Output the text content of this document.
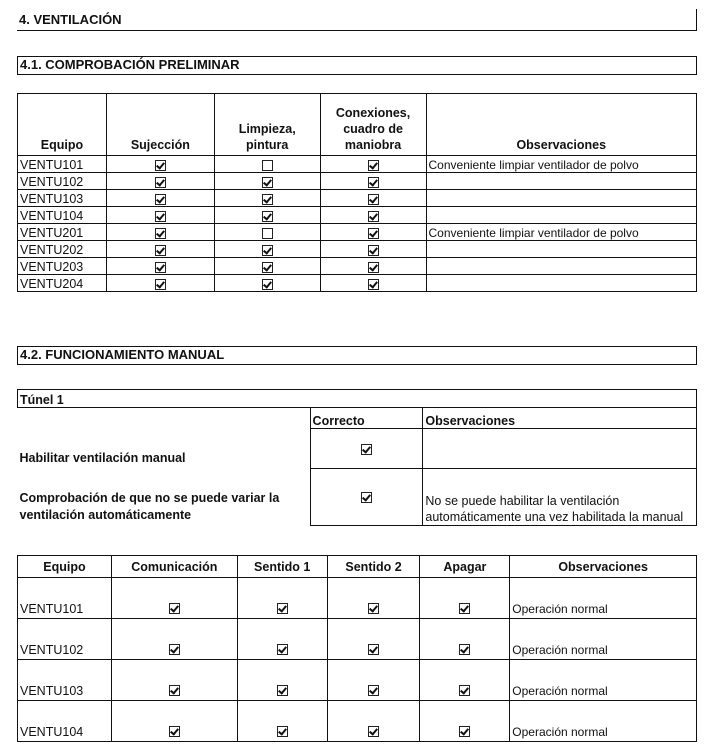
4. VENTILACIÓN
4.1. COMPROBACIÓN PRELIMINAR
Equipo	Sujección	Limpieza, pintura	Conexiones, cuadro de maniobra	Observaciones
VENTU101				Conveniente limpiar ventilador de polvo
VENTU102				
VENTU103				
VENTU104				
VENTU201				Conveniente limpiar ventilador de polvo
VENTU202				
VENTU203				
VENTU204				
4.2. FUNCIONAMIENTO MANUAL
Túnel 1		
	Correcto	Observaciones
Habilitar ventilación manual		
Comprobación de que no se puede variar la ventilación automáticamente		No se puede habilitar la ventilación automáticamente una vez habilitada la manual
Equipo	Comunicación	Sentido 1	Sentido 2	Apagar	Observaciones
VENTU101					Operación normal
VENTU102					Operación normal
VENTU103					Operación normal
VENTU104					Operación normal
